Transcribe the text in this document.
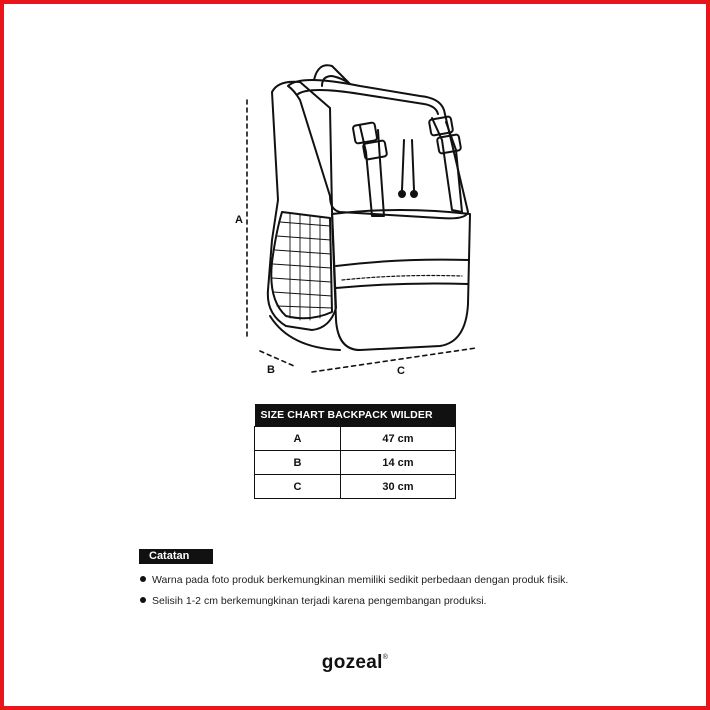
A
B	C
SIZE CHART BACKPACK WILDER	
A	47 cm
B	14 cm
C	30 cm
Catatan
Warna pada foto produk berkemungkinan memiliki sedikit perbedaan dengan produk fisik.
Selisih 1-2 cm berkemungkinan terjadi karena pengembangan produksi.
gozeal®
